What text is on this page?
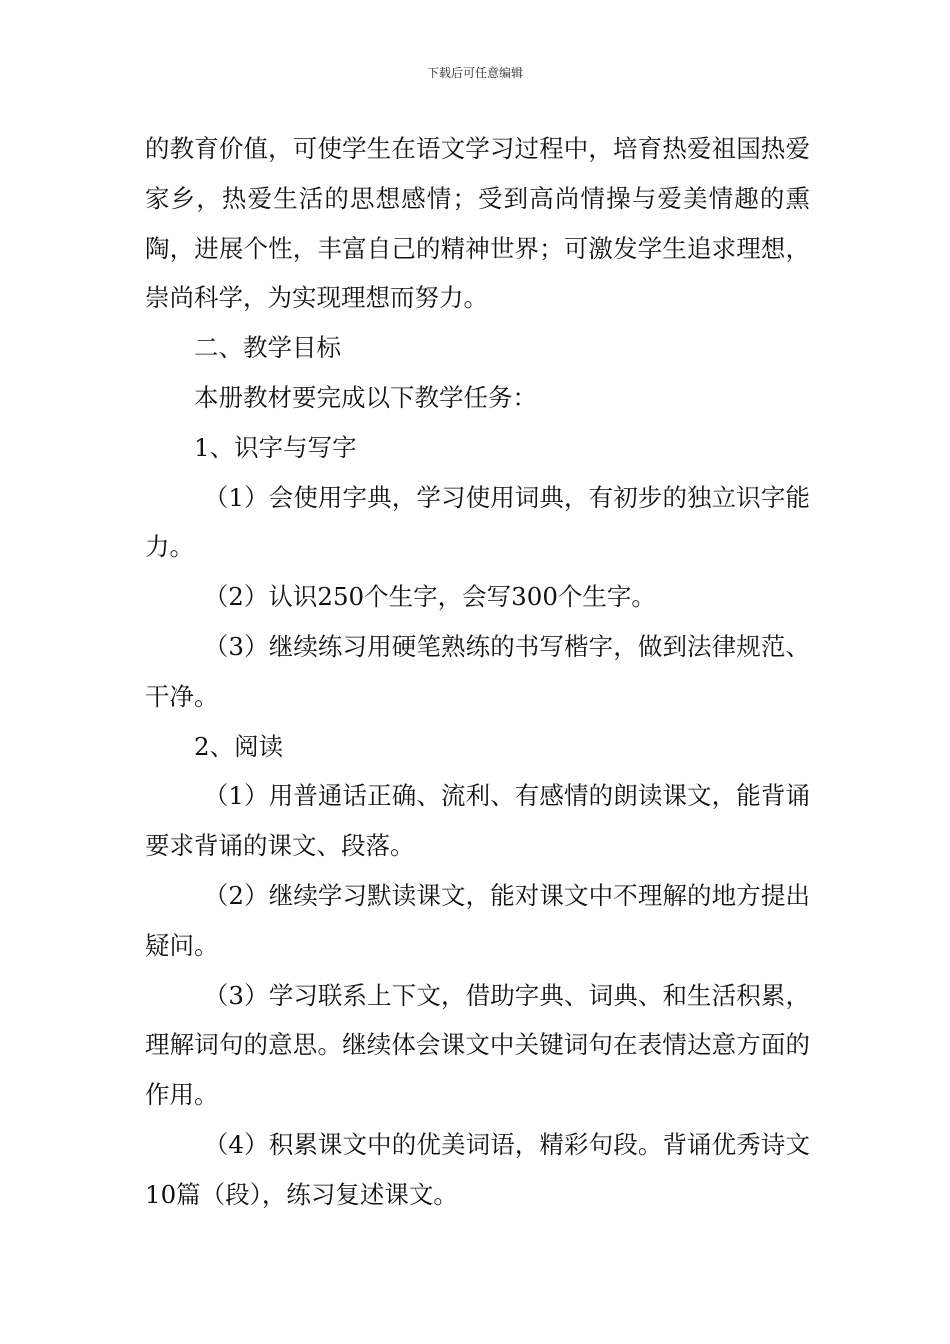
下载后可任意编辑

的教育价值，可使学生在语文学习过程中，培育热爱祖国热爱家乡，热爱生活的思想感情；受到高尚情操与爱美情趣的熏陶，进展个性，丰富自己的精神世界；可激发学生追求理想，崇尚科学，为实现理想而努力。

二、教学目标

本册教材要完成以下教学任务：

1、识字与写字

（1）会使用字典，学习使用词典，有初步的独立识字能力。

（2）认识250个生字，会写300个生字。

（3）继续练习用硬笔熟练的书写楷字，做到法律规范、干净。

2、阅读

（1）用普通话正确、流利、有感情的朗读课文，能背诵要求背诵的课文、段落。

（2）继续学习默读课文，能对课文中不理解的地方提出疑问。

（3）学习联系上下文，借助字典、词典、和生活积累，理解词句的意思。继续体会课文中关键词句在表情达意方面的作用。

（4）积累课文中的优美词语，精彩句段。背诵优秀诗文10篇（段），练习复述课文。
